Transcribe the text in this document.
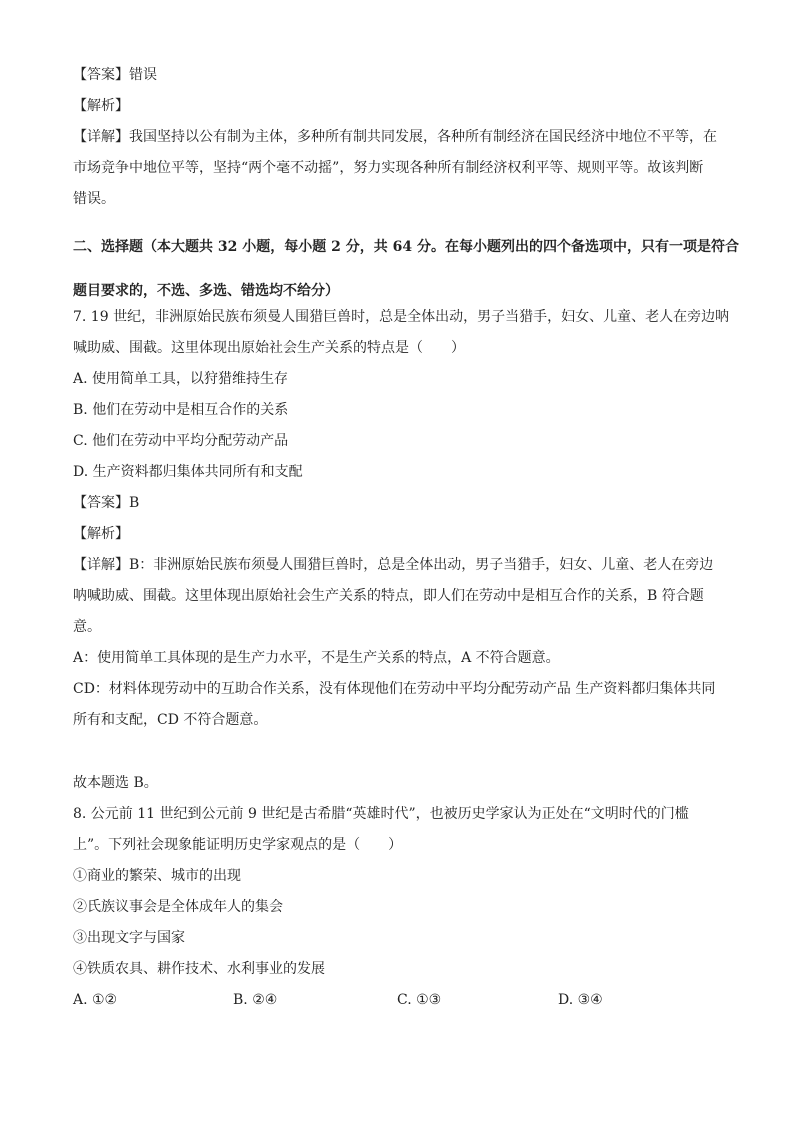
【答案】错误
【解析】
【详解】我国坚持以公有制为主体，多种所有制共同发展，各种所有制经济在国民经济中地位不平等，在
市场竞争中地位平等，坚持“两个毫不动摇”，努力实现各种所有制经济权利平等、规则平等。故该判断
错误。
二、选择题（本大题共 32 小题，每小题 2 分，共 64 分。在每小题列出的四个备选项中，只有一项是符合
题目要求的，不选、多选、错选均不给分）
7. 19 世纪，非洲原始民族布须曼人围猎巨兽时，总是全体出动，男子当猎手，妇女、儿童、老人在旁边呐
喊助威、围截。这里体现出原始社会生产关系的特点是（　　）
A. 使用简单工具，以狩猎维持生存
B. 他们在劳动中是相互合作的关系
C. 他们在劳动中平均分配劳动产品
D. 生产资料都归集体共同所有和支配
【答案】B
【解析】
【详解】B：非洲原始民族布须曼人围猎巨兽时，总是全体出动，男子当猎手，妇女、儿童、老人在旁边
呐喊助威、围截。这里体现出原始社会生产关系的特点，即人们在劳动中是相互合作的关系，B 符合题
意。
A：使用简单工具体现的是生产力水平，不是生产关系的特点，A 不符合题意。
CD：材料体现劳动中的互助合作关系，没有体现他们在劳动中平均分配劳动产品 生产资料都归集体共同
所有和支配，CD 不符合题意。
故本题选 B。
8. 公元前 11 世纪到公元前 9 世纪是古希腊“英雄时代”，也被历史学家认为正处在“文明时代的门槛
上”。下列社会现象能证明历史学家观点的是（　　）
①商业的繁荣、城市的出现
②氏族议事会是全体成年人的集会
③出现文字与国家
④铁质农具、耕作技术、水利事业的发展
A. ①②	B. ②④	C. ①③	D. ③④
